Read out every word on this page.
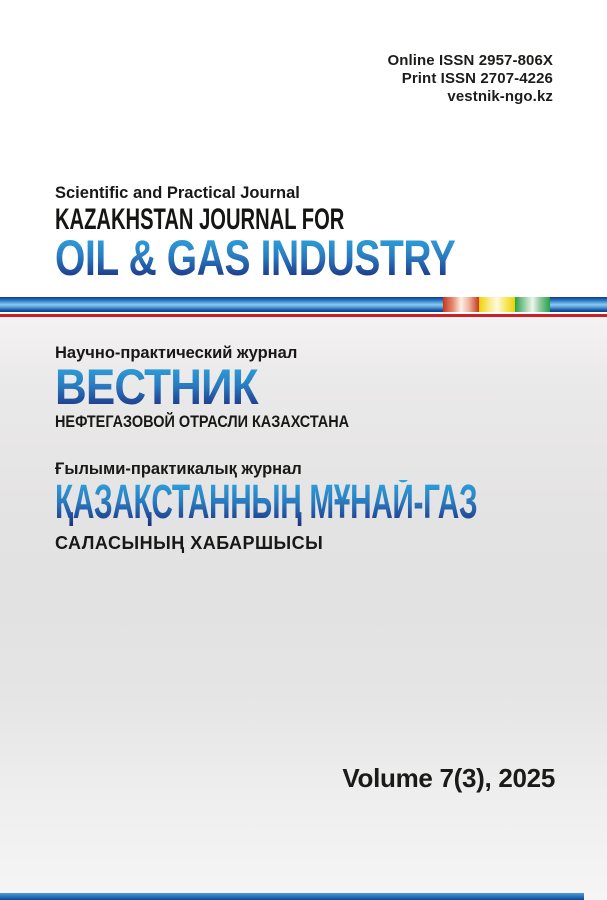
Online ISSN 2957-806X
Print ISSN 2707-4226
vestnik-ngo.kz
Scientific and Practical Journal
KAZAKHSTAN JOURNAL FOR
OIL & GAS INDUSTRY
Научно-практический журнал
ВЕСТНИК
НЕФТЕГАЗОВОЙ ОТРАСЛИ КАЗАХСТАНА
Ғылыми-практикалық журнал
ҚАЗАҚСТАННЫҢ МҰНАЙ-ГАЗ
САЛАСЫНЫҢ ХАБАРШЫСЫ
Volume 7(3), 2025
